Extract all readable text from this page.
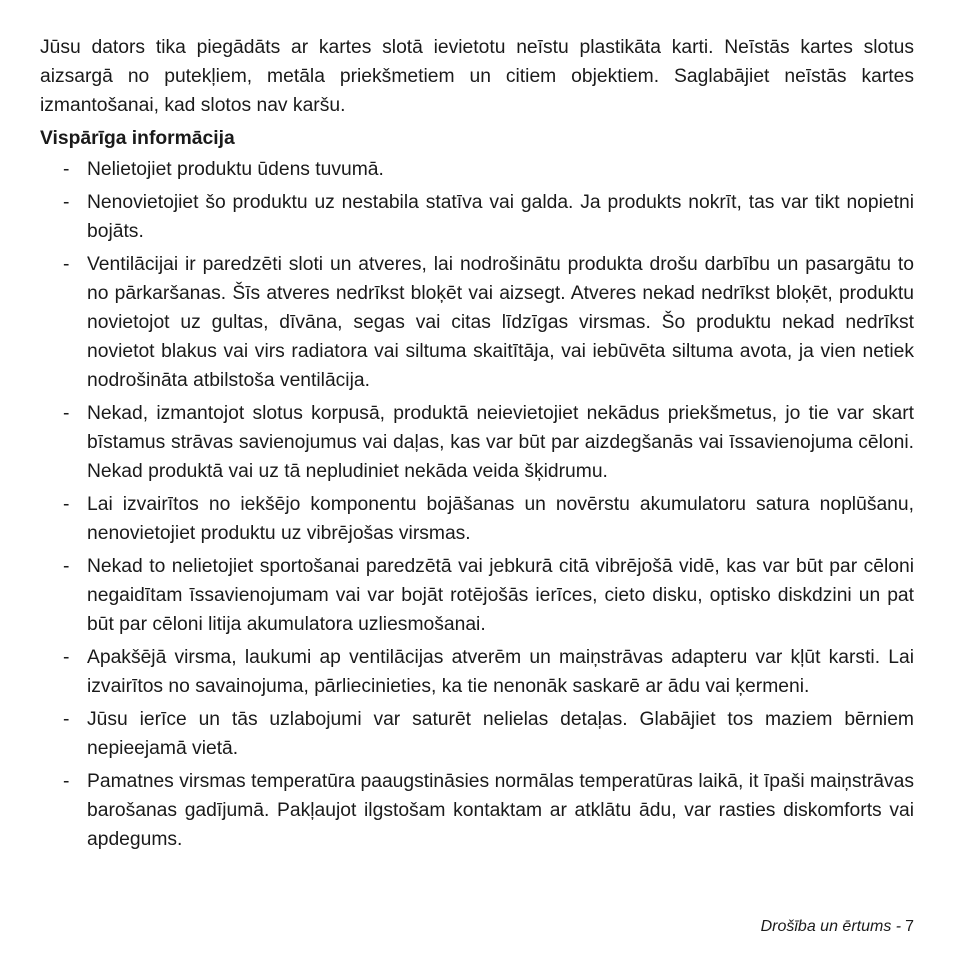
Jūsu dators tika piegādāts ar kartes slotā ievietotu neīstu plastikāta karti. Neīstās kartes slotus aizsargā no putekļiem, metāla priekšmetiem un citiem objektiem. Saglabājiet neīstās kartes izmantošanai, kad slotos nav karšu.

Vispārīga informācija
- Nelietojiet produktu ūdens tuvumā.
- Nenovietojiet šo produktu uz nestabila statīva vai galda. Ja produkts nokrīt, tas var tikt nopietni bojāts.
- Ventilācijai ir paredzēti sloti un atveres, lai nodrošinātu produkta drošu darbību un pasargātu to no pārkaršanas. Šīs atveres nedrīkst bloķēt vai aizsegt. Atveres nekad nedrīkst bloķēt, produktu novietojot uz gultas, dīvāna, segas vai citas līdzīgas virsmas. Šo produktu nekad nedrīkst novietot blakus vai virs radiatora vai siltuma skaitītāja, vai iebūvēta siltuma avota, ja vien netiek nodrošināta atbilstoša ventilācija.
- Nekad, izmantojot slotus korpusā, produktā neievietojiet nekādus priekšmetus, jo tie var skart bīstamus strāvas savienojumus vai daļas, kas var būt par aizdegšanās vai īssavienojuma cēloni. Nekad produktā vai uz tā nepludiniet nekāda veida šķidrumu.
- Lai izvairītos no iekšējo komponentu bojāšanas un novērstu akumulatoru satura noplūšanu, nenovietojiet produktu uz vibrējošas virsmas.
- Nekad to nelietojiet sportošanai paredzētā vai jebkurā citā vibrējošā vidē, kas var būt par cēloni negaidītam īssavienojumam vai var bojāt rotējošās ierīces, cieto disku, optisko diskdzini un pat būt par cēloni litija akumulatora uzliesmošanai.
- Apakšējā virsma, laukumi ap ventilācijas atverēm un maiņstrāvas adapteru var kļūt karsti. Lai izvairītos no savainojuma, pārliecinieties, ka tie nenonāk saskarē ar ādu vai ķermeni.
- Jūsu ierīce un tās uzlabojumi var saturēt nelielas detaļas. Glabājiet tos maziem bērniem nepieejamā vietā.
- Pamatnes virsmas temperatūra paaugstināsies normālas temperatūras laikā, it īpaši maiņstrāvas barošanas gadījumā. Pakļaujot ilgstošam kontaktam ar atklātu ādu, var rasties diskomforts vai apdegums.
Drošība un ērtums - 7
